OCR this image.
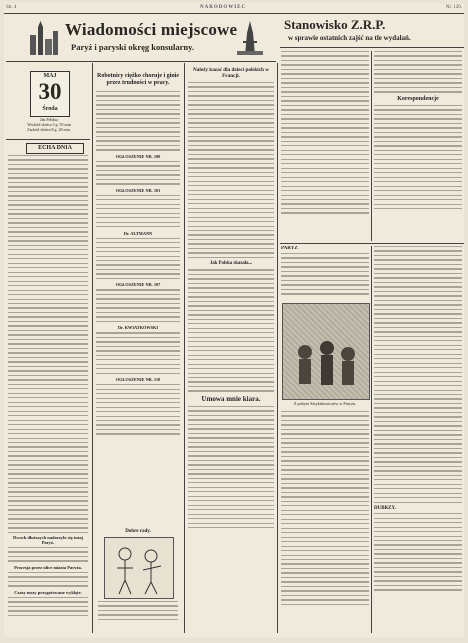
Str. 4	NARODOWIEC	Nr. 120.
Wiadomości miejscowe
Paryż i paryski okręg konsularny.
MAJ
30
Środa
Jak Feliksa
Wschód słońca 3 g. 55 min
Zachód słońca 8 g. 28 min.
ECHA DNIA
Dwoch dłuższych nadarzyło się tutaj Paryż.
Procesja przez ulice miasta Paryża.
Czasy mszy przygotowane wyklęte.
Robotnicy ciężko choruje i ginie przez trudności w pracy.
OGŁOSZENIE NR. 100
OGŁOSZENIE NR. 101
Dr. ALTMANN
OGŁOSZENIE NR. 107
Dr. KWIATKOWSKI
OGŁOSZENIE NR. 110
Dobre rady.
Należy kazać dla dzieci polskich w Francji.
Jak Polska skazała...
Umowa mnie kiara.
Stanowisko Z.R.P.
w sprawie ostatnich zajść na tle wydalań.
Korespondencje
PARYŻ
Z pobytu Sztykittowiczów w Paryżu.
DUBRZY.
